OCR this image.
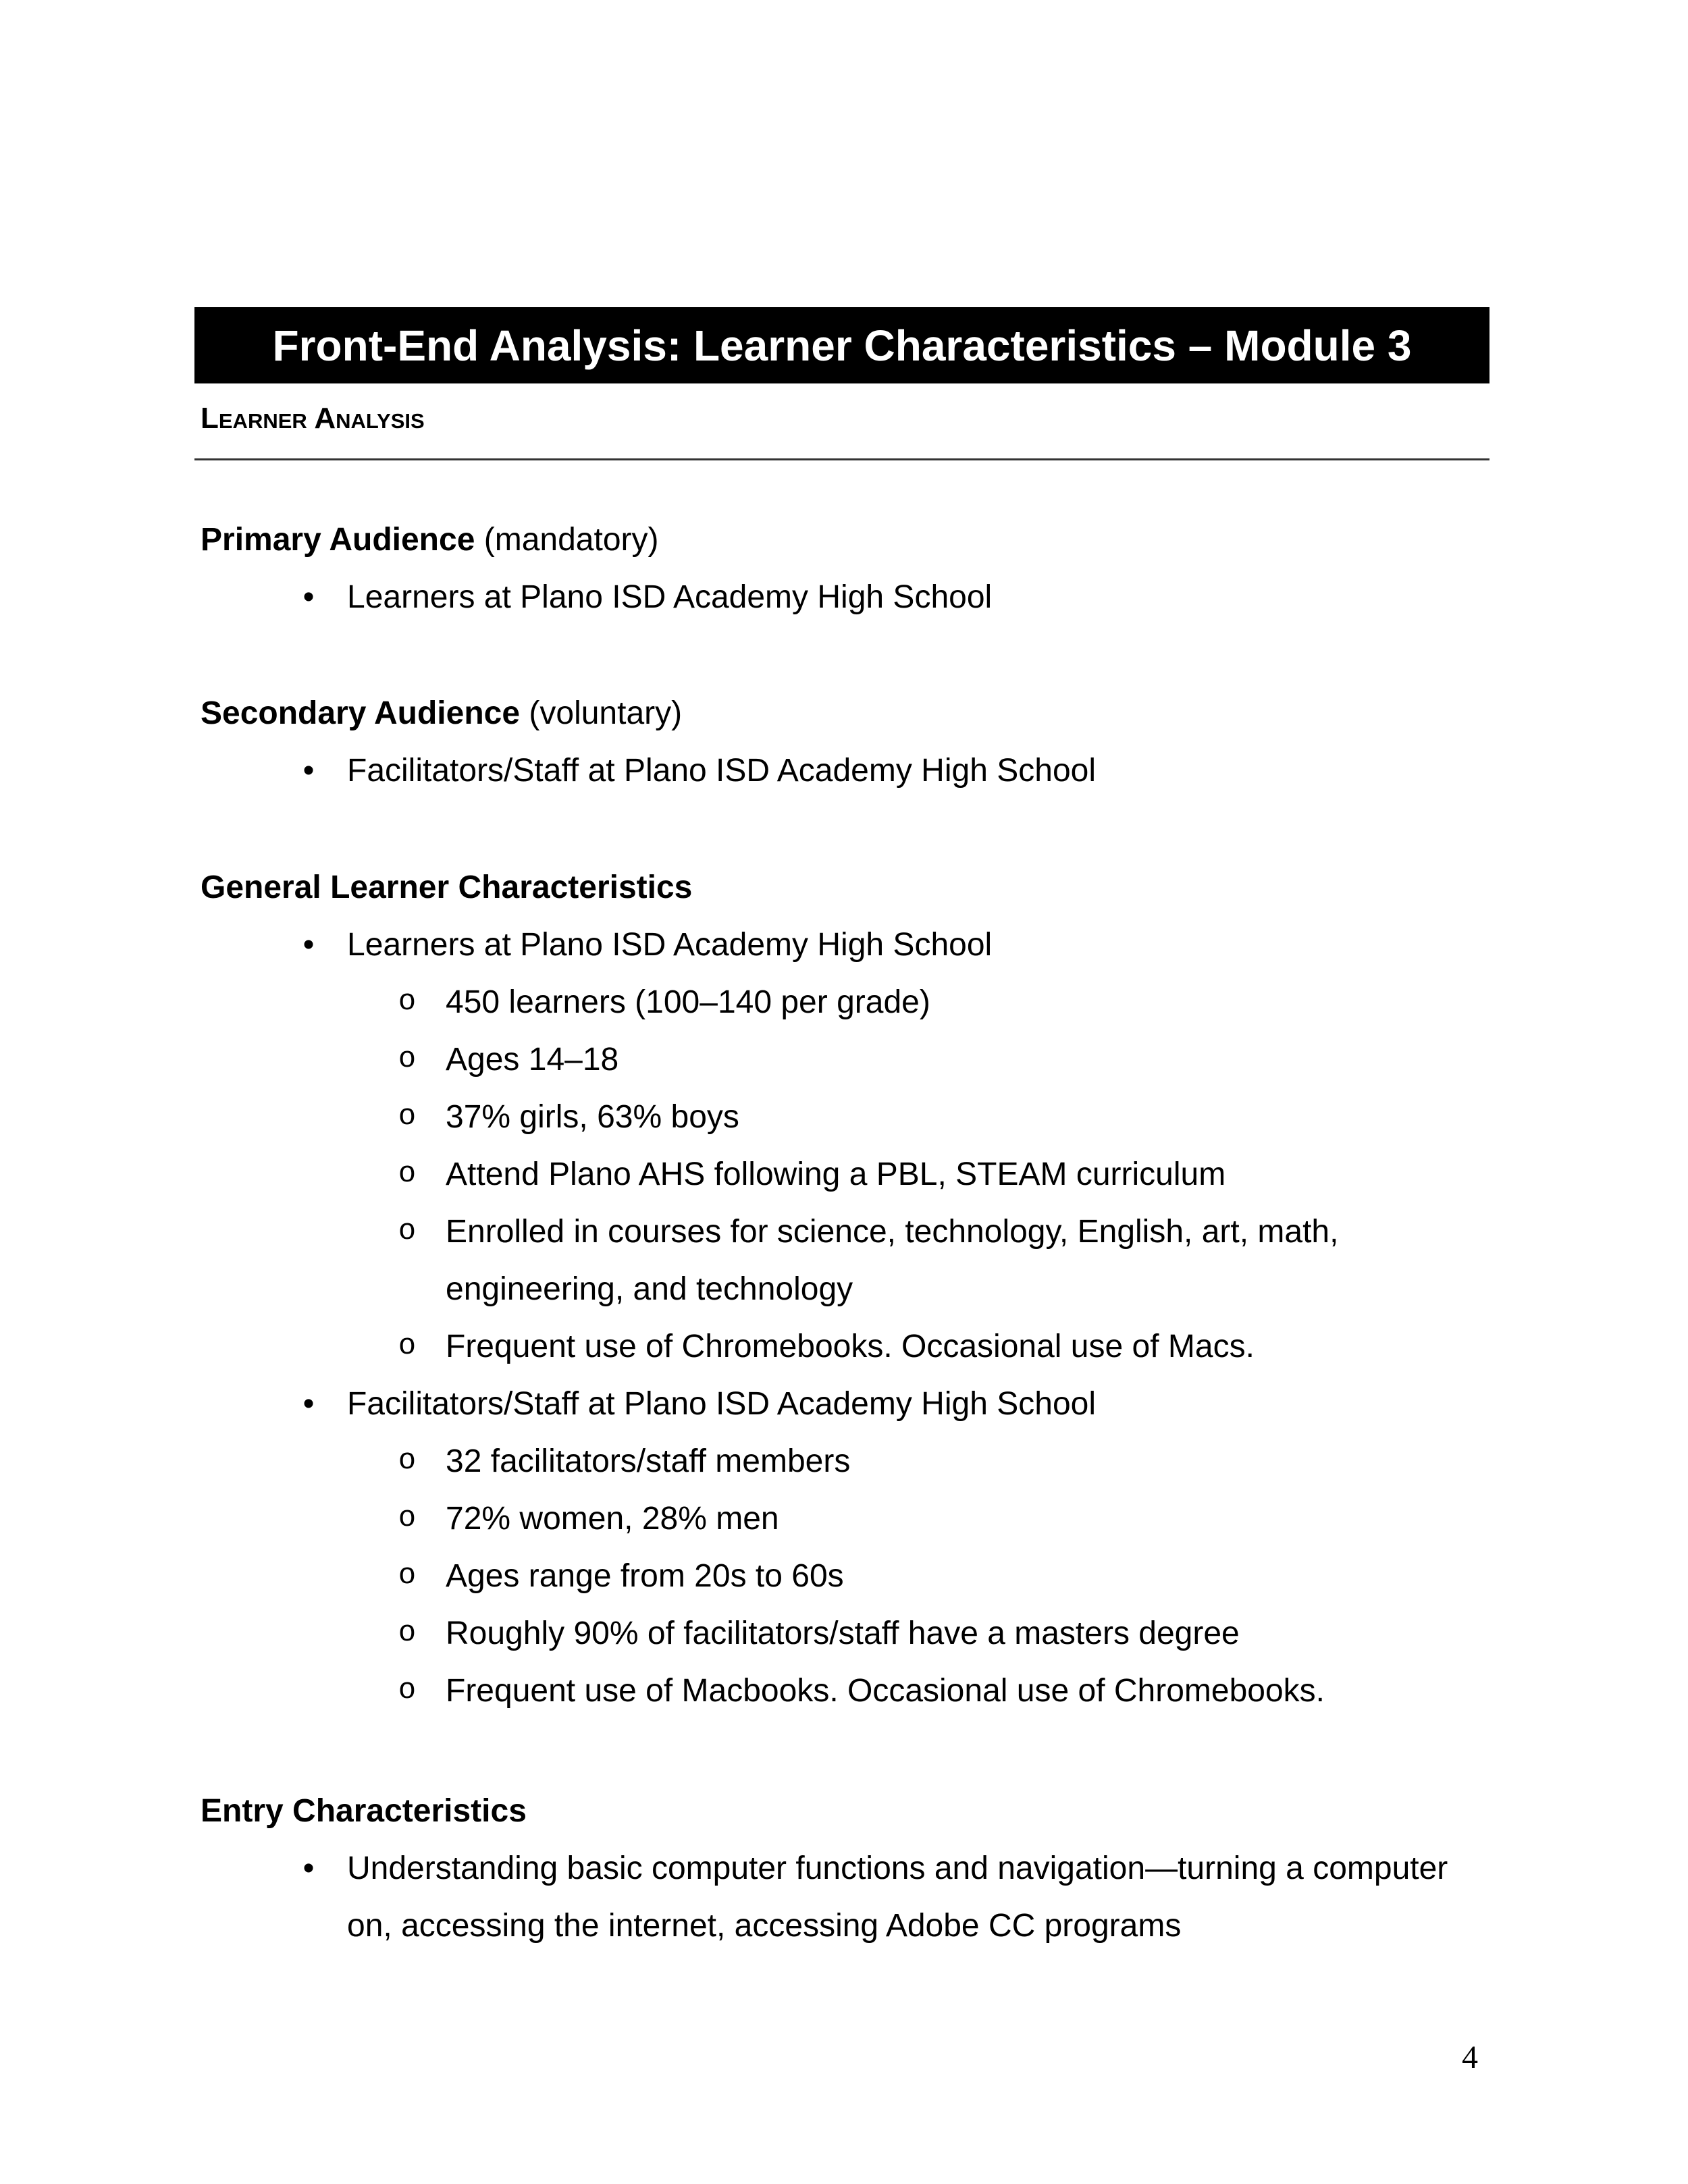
Front-End Analysis: Learner Characteristics – Module 3
Learner Analysis
Primary Audience (mandatory)
• Learners at Plano ISD Academy High School
Secondary Audience (voluntary)
• Facilitators/Staff at Plano ISD Academy High School
General Learner Characteristics
• Learners at Plano ISD Academy High School
o 450 learners (100–140 per grade)
o Ages 14–18
o 37% girls, 63% boys
o Attend Plano AHS following a PBL, STEAM curriculum
o Enrolled in courses for science, technology, English, art, math,
engineering, and technology
o Frequent use of Chromebooks. Occasional use of Macs.
• Facilitators/Staff at Plano ISD Academy High School
o 32 facilitators/staff members
o 72% women, 28% men
o Ages range from 20s to 60s
o Roughly 90% of facilitators/staff have a masters degree
o Frequent use of Macbooks. Occasional use of Chromebooks.
Entry Characteristics
• Understanding basic computer functions and navigation—turning a computer
on, accessing the internet, accessing Adobe CC programs
4
